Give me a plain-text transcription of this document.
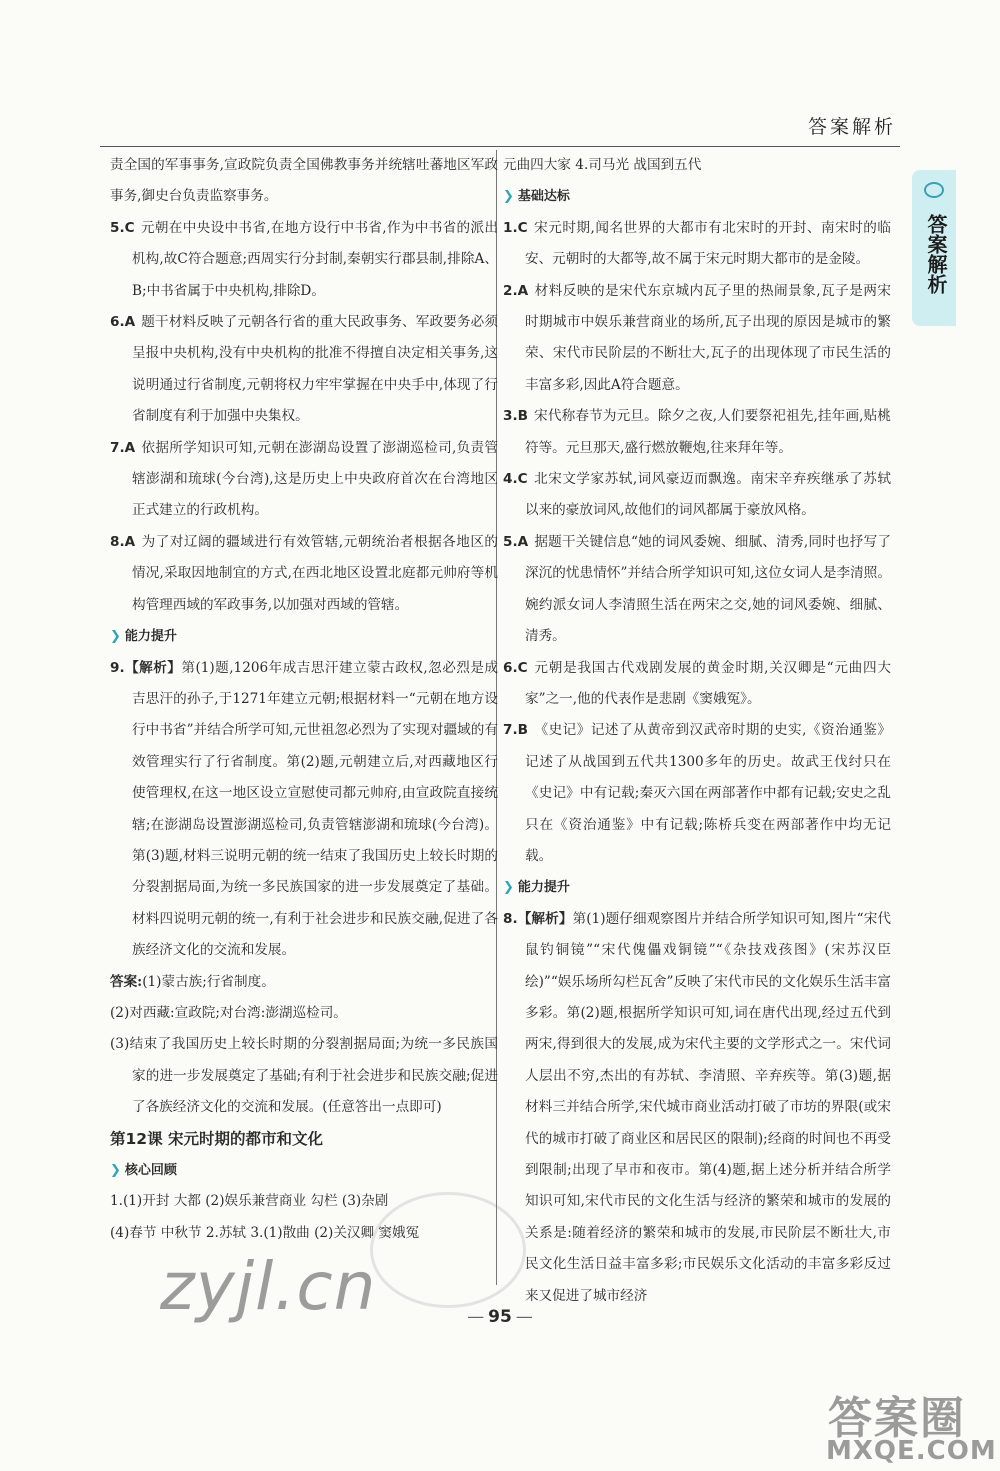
答案解析
答案解析

责全国的军事事务,宣政院负责全国佛教事务并统辖吐蕃地区军政事务,御史台负责监察事务。

5.C 元朝在中央设中书省,在地方设行中书省,作为中书省的派出机构,故C符合题意;西周实行分封制,秦朝实行郡县制,排除A、B;中书省属于中央机构,排除D。

6.A 题干材料反映了元朝各行省的重大民政事务、军政要务必须呈报中央机构,没有中央机构的批准不得擅自决定相关事务,这说明通过行省制度,元朝将权力牢牢掌握在中央手中,体现了行省制度有利于加强中央集权。

7.A 依据所学知识可知,元朝在澎湖岛设置了澎湖巡检司,负责管辖澎湖和琉球(今台湾),这是历史上中央政府首次在台湾地区正式建立的行政机构。

8.A 为了对辽阔的疆域进行有效管辖,元朝统治者根据各地区的情况,采取因地制宜的方式,在西北地区设置北庭都元帅府等机构管理西域的军政事务,以加强对西域的管辖。

❯ 能力提升

9.【解析】第(1)题,1206年成吉思汗建立蒙古政权,忽必烈是成吉思汗的孙子,于1271年建立元朝;根据材料一“元朝在地方设行中书省”并结合所学可知,元世祖忽必烈为了实现对疆域的有效管理实行了行省制度。第(2)题,元朝建立后,对西藏地区行使管理权,在这一地区设立宣慰使司都元帅府,由宣政院直接统辖;在澎湖岛设置澎湖巡检司,负责管辖澎湖和琉球(今台湾)。第(3)题,材料三说明元朝的统一结束了我国历史上较长时期的分裂割据局面,为统一多民族国家的进一步发展奠定了基础。材料四说明元朝的统一,有利于社会进步和民族交融,促进了各族经济文化的交流和发展。

答案:(1)蒙古族;行省制度。

(2)对西藏:宣政院;对台湾:澎湖巡检司。

(3)结束了我国历史上较长时期的分裂割据局面;为统一多民族国家的进一步发展奠定了基础;有利于社会进步和民族交融;促进了各族经济文化的交流和发展。(任意答出一点即可)

第12课 宋元时期的都市和文化

❯ 核心回顾

1.(1)开封 大都 (2)娱乐兼营商业 勾栏 (3)杂剧

(4)春节 中秋节 2.苏轼 3.(1)散曲 (2)关汉卿 窦娥冤

元曲四大家 4.司马光 战国到五代

❯ 基础达标

1.C 宋元时期,闻名世界的大都市有北宋时的开封、南宋时的临安、元朝时的大都等,故不属于宋元时期大都市的是金陵。

2.A 材料反映的是宋代东京城内瓦子里的热闹景象,瓦子是两宋时期城市中娱乐兼营商业的场所,瓦子出现的原因是城市的繁荣、宋代市民阶层的不断壮大,瓦子的出现体现了市民生活的丰富多彩,因此A符合题意。

3.B 宋代称春节为元旦。除夕之夜,人们要祭祀祖先,挂年画,贴桃符等。元旦那天,盛行燃放鞭炮,往来拜年等。

4.C 北宋文学家苏轼,词风豪迈而飘逸。南宋辛弃疾继承了苏轼以来的豪放词风,故他们的词风都属于豪放风格。

5.A 据题干关键信息“她的词风委婉、细腻、清秀,同时也抒写了深沉的忧患情怀”并结合所学知识可知,这位女词人是李清照。婉约派女词人李清照生活在两宋之交,她的词风委婉、细腻、清秀。

6.C 元朝是我国古代戏剧发展的黄金时期,关汉卿是“元曲四大家”之一,他的代表作是悲剧《窦娥冤》。

7.B 《史记》记述了从黄帝到汉武帝时期的史实,《资治通鉴》记述了从战国到五代共1300多年的历史。故武王伐纣只在《史记》中有记载;秦灭六国在两部著作中都有记载;安史之乱只在《资治通鉴》中有记载;陈桥兵变在两部著作中均无记载。

❯ 能力提升

8.【解析】第(1)题仔细观察图片并结合所学知识可知,图片“宋代鼠钓铜镜”“宋代傀儡戏铜镜”“《杂技戏孩图》(宋苏汉臣绘)”“娱乐场所勾栏瓦舍”反映了宋代市民的文化娱乐生活丰富多彩。第(2)题,根据所学知识可知,词在唐代出现,经过五代到两宋,得到很大的发展,成为宋代主要的文学形式之一。宋代词人层出不穷,杰出的有苏轼、李清照、辛弃疾等。第(3)题,据材料三并结合所学,宋代城市商业活动打破了市坊的界限(或宋代的城市打破了商业区和居民区的限制);经商的时间也不再受到限制;出现了早市和夜市。第(4)题,据上述分析并结合所学知识可知,宋代市民的文化生活与经济的繁荣和城市的发展的关系是:随着经济的繁荣和城市的发展,市民阶层不断壮大,市民文化生活日益丰富多彩;市民娱乐文化活动的丰富多彩反过来又促进了城市经济

— 95 —
zyjl.cn
答案圈
MXQE.COM
